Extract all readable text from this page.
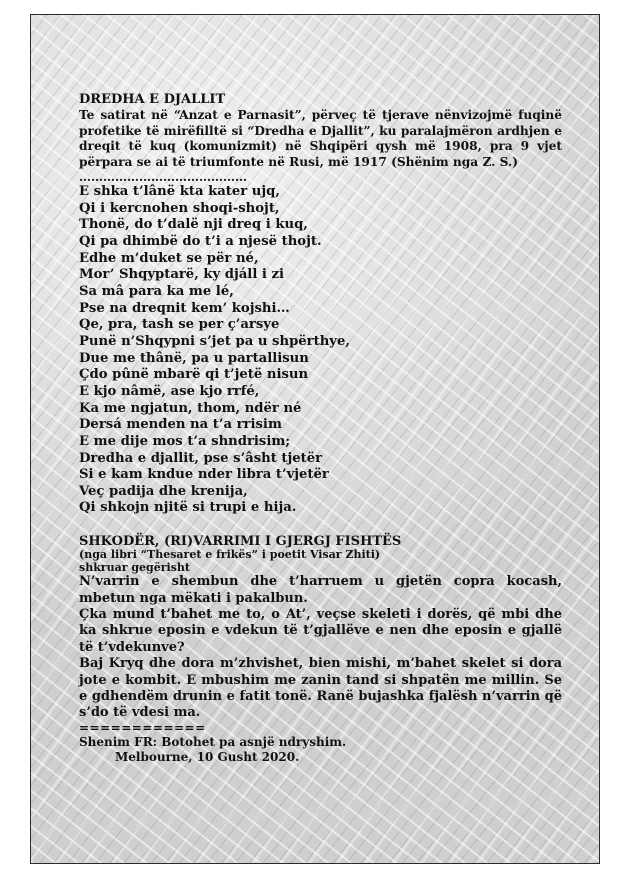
DREDHA E DJALLIT

Te satirat në “Anzat e Parnasit”, përveç të tjerave nënvizojmë fuqinë profetike të mirëfilltë si “Dredha e Djallit”, ku paralajmëron ardhjen e dreqit të kuq (komunizmit) në Shqipëri qysh më 1908, pra 9 vjet përpara se ai të triumfonte në Rusi, më 1917 (Shënim nga Z. S.)

……………………………………

E shka t’lânë kta kater ujq,

Qi i kercnohen shoqi-shojt,

Thonë, do t’dalë nji dreq i kuq,

Qi pa dhimbë do t’i a njesë thojt.

Edhe m’duket se për né,

Mor’ Shqyptarë, ky djáll i zi

Sa mâ para ka me lé,

Pse na dreqnit kem’ kojshi…

Qe, pra, tash se per ç’arsye

Punë n’Shqypni s’jet pa u shpërthye,

Due me thânë, pa u partallisun

Çdo pûnë mbarë qi t’jetë nisun

E kjo nâmë, ase kjo rrfé,

Ka me ngjatun, thom, ndër né

Dersá menden na t’a rrisim

E me dije mos t’a shndrisim;

Dredha e djallit, pse s’âsht tjetër

Si e kam kndue nder libra t’vjetër

Veç padija dhe krenija,

Qi shkojn njitë si trupi e hija.

SHKODËR, (RI)VARRIMI I GJERGJ FISHTËS

(nga libri “Thesaret e frikës” i poetit Visar Zhiti)

shkruar gegërisht

N’varrin e shembun dhe t’harruem u gjetën copra kocash, mbetun nga mëkati i pakalbun.

Çka mund t’bahet me to, o At’, veçse skeleti i dorës, që mbi dhe ka shkrue eposin e vdekun të t’gjallëve e nen dhe eposin e gjallë të t’vdekunve?

Baj Kryq dhe dora m’zhvishet, bien mishi, m’bahet skelet si dora jote e kombit. E mbushim me zanin tand si shpatën me millin. Se e gdhendëm drunin e fatit tonë. Ranë bujashka fjalësh n’varrin që s’do të vdesi ma.

============

Shenim FR: Botohet pa asnjë ndryshim.

Melbourne, 10 Gusht 2020.
